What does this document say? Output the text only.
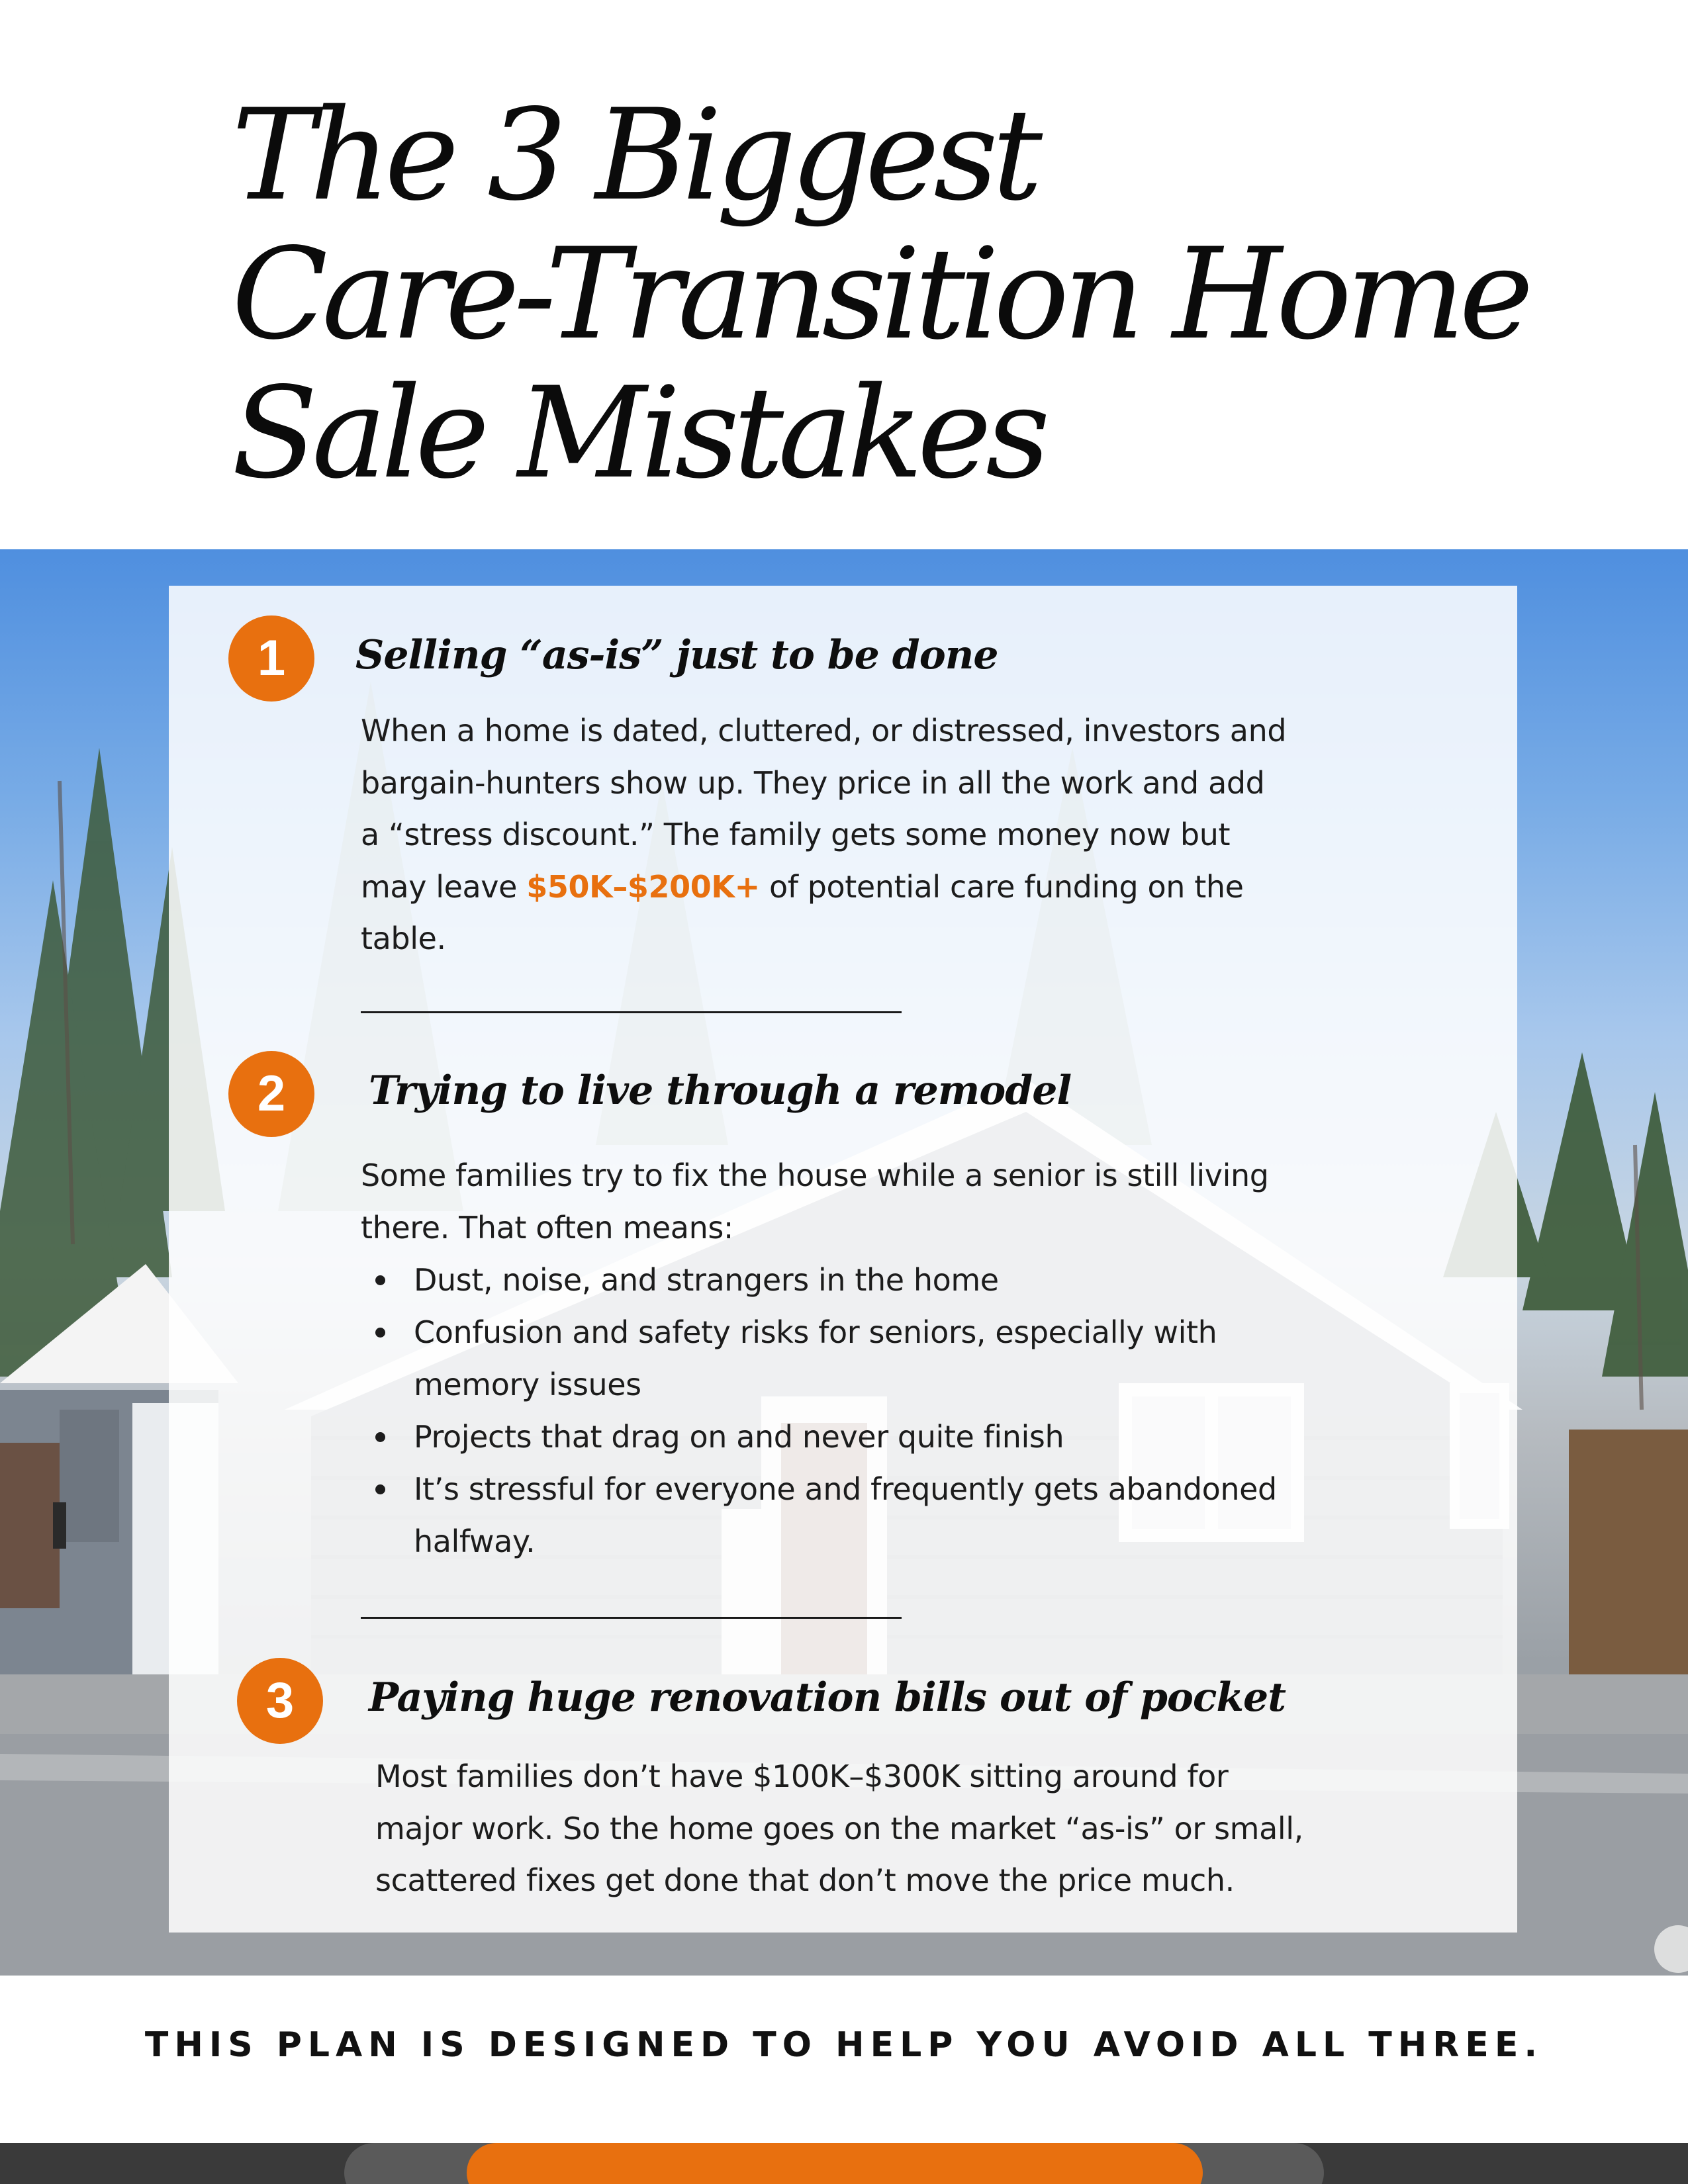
The 3 Biggest
Care-Transition Home
Sale Mistakes
1	Selling “as-is” just to be done
When a home is dated, cluttered, or distressed, investors and
bargain-hunters show up. They price in all the work and add
a “stress discount.” The family gets some money now but
may leave $50K–$200K+ of potential care funding on the
table.
2	Trying to live through a remodel
Some families try to fix the house while a senior is still living
there. That often means:
Dust, noise, and strangers in the home
Confusion and safety risks for seniors, especially with
memory issues
Projects that drag on and never quite finish
It’s stressful for everyone and frequently gets abandoned
halfway.
3	Paying huge renovation bills out of pocket
Most families don’t have $100K–$300K sitting around for
major work. So the home goes on the market “as-is” or small,
scattered fixes get done that don’t move the price much.

THIS PLAN IS DESIGNED TO HELP YOU AVOID ALL THREE.
